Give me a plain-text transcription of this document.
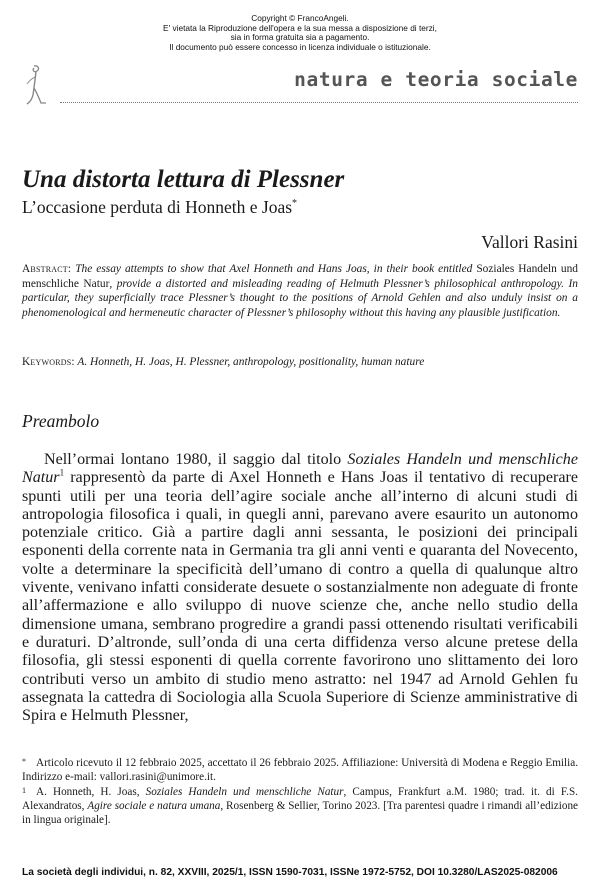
Copyright © FrancoAngeli.
E' vietata la Riproduzione dell'opera e la sua messa a disposizione di terzi,
sia in forma gratuita sia a pagamento.
Il documento può essere concesso in licenza individuale o istituzionale.
natura e teoria sociale
Una distorta lettura di Plessner
L’occasione perduta di Honneth e Joas*
Vallori Rasini
Abstract: The essay attempts to show that Axel Honneth and Hans Joas, in their book entitled Soziales Handeln und menschliche Natur, provide a distorted and misleading reading of Helmuth Plessner’s philosophical anthropology. In particular, they superficially trace Plessner’s thought to the positions of Arnold Gehlen and also unduly insist on a phenomenological and hermeneutic character of Plessner’s philosophy without this having any plausible justification.
Keywords: A. Honneth, H. Joas, H. Plessner, anthropology, positionality, human nature
Preambolo

Nell’ormai lontano 1980, il saggio dal titolo Soziales Handeln und menschliche Natur$^1$ rappresentò da parte di Axel Honneth e Hans Joas il tentativo di recuperare spunti utili per una teoria dell’agire sociale anche all’interno di alcuni studi di antropologia filosofica i quali, in quegli anni, parevano avere esaurito un autonomo potenziale critico. Già a partire dagli anni sessanta, le posizioni dei principali esponenti della corrente nata in Germania tra gli anni venti e quaranta del Novecento, volte a determinare la specificità dell’umano di contro a quella di qualunque altro vivente, venivano infatti considerate desuete o sostanzialmente non adeguate di fronte all’affermazione e allo sviluppo di nuove scienze che, anche nello studio della dimensione umana, sembrano progredire a grandi passi ottenendo risultati verificabili e duraturi. D’altronde, sull’onda di una certa diffidenza verso alcune pretese della filosofia, gli stessi esponenti di quella corrente favorirono uno slittamento dei loro contributi verso un ambito di studio meno astratto: nel 1947 ad Arnold Gehlen fu assegnata la cattedra di Sociologia alla Scuola Superiore di Scienze amministrative di Spira e Helmuth Plessner,

* Articolo ricevuto il 12 febbraio 2025, accettato il 26 febbraio 2025. Affiliazione: Università di Modena e Reggio Emilia. Indirizzo e-mail: vallori.rasini@unimore.it.
$^1$ A. Honneth, H. Joas, Soziales Handeln und menschliche Natur, Campus, Frankfurt a.M. 1980; trad. it. di F.S. Alexandratos, Agire sociale e natura umana, Rosenberg & Sellier, Torino 2023. [Tra parentesi quadre i rimandi all’edizione in lingua originale].
La società degli individui, n. 82, XXVIII, 2025/1, ISSN 1590-7031, ISSNe 1972-5752, DOI 10.3280/LAS2025-082006
